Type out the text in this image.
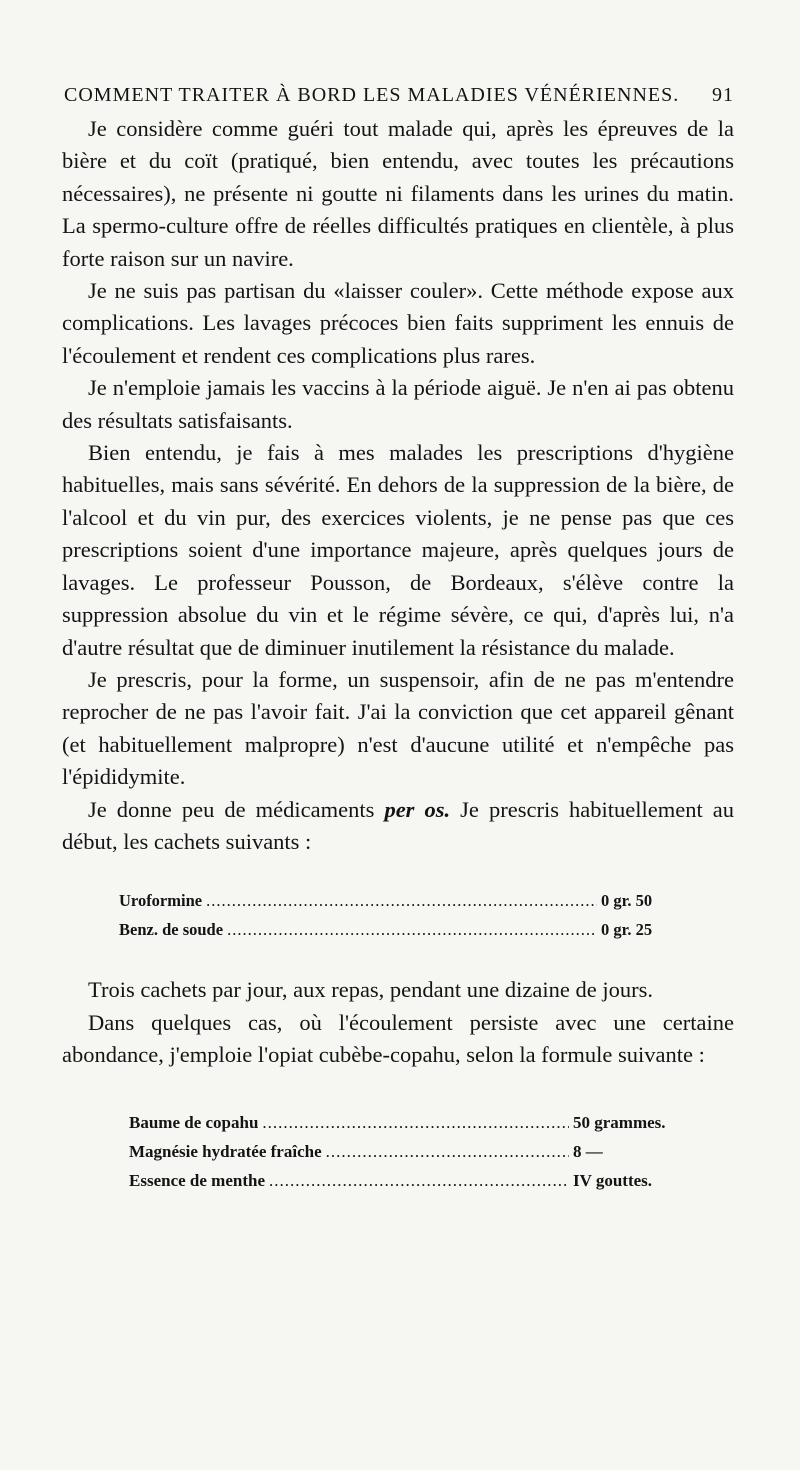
COMMENT TRAITER À BORD LES MALADIES VÉNÉRIENNES. 91

Je considère comme guéri tout malade qui, après les épreuves de la bière et du coït (pratiqué, bien entendu, avec toutes les précautions nécessaires), ne présente ni goutte ni filaments dans les urines du matin. La spermo-culture offre de réelles difficultés pratiques en clientèle, à plus forte raison sur un navire.

Je ne suis pas partisan du «laisser couler». Cette méthode expose aux complications. Les lavages précoces bien faits suppriment les ennuis de l'écoulement et rendent ces complications plus rares.

Je n'emploie jamais les vaccins à la période aiguë. Je n'en ai pas obtenu des résultats satisfaisants.

Bien entendu, je fais à mes malades les prescriptions d'hygiène habituelles, mais sans sévérité. En dehors de la suppression de la bière, de l'alcool et du vin pur, des exercices violents, je ne pense pas que ces prescriptions soient d'une importance majeure, après quelques jours de lavages. Le professeur Pousson, de Bordeaux, s'élève contre la suppression absolue du vin et le régime sévère, ce qui, d'après lui, n'a d'autre résultat que de diminuer inutilement la résistance du malade.

Je prescris, pour la forme, un suspensoir, afin de ne pas m'entendre reprocher de ne pas l'avoir fait. J'ai la conviction que cet appareil gênant (et habituellement malpropre) n'est d'aucune utilité et n'empêche pas l'épididymite.

Je donne peu de médicaments per os. Je prescris habituellement au début, les cachets suivants :

Uroformine .....	0 gr. 50
Benz. de soude .....	0 gr. 25

Trois cachets par jour, aux repas, pendant une dizaine de jours.

Dans quelques cas, où l'écoulement persiste avec une certaine abondance, j'emploie l'opiat cubèbe-copahu, selon la formule suivante :

Baume de copahu .....	50 grammes.
Magnésie hydratée fraîche .....	8 —
Essence de menthe .....	IV gouttes.
